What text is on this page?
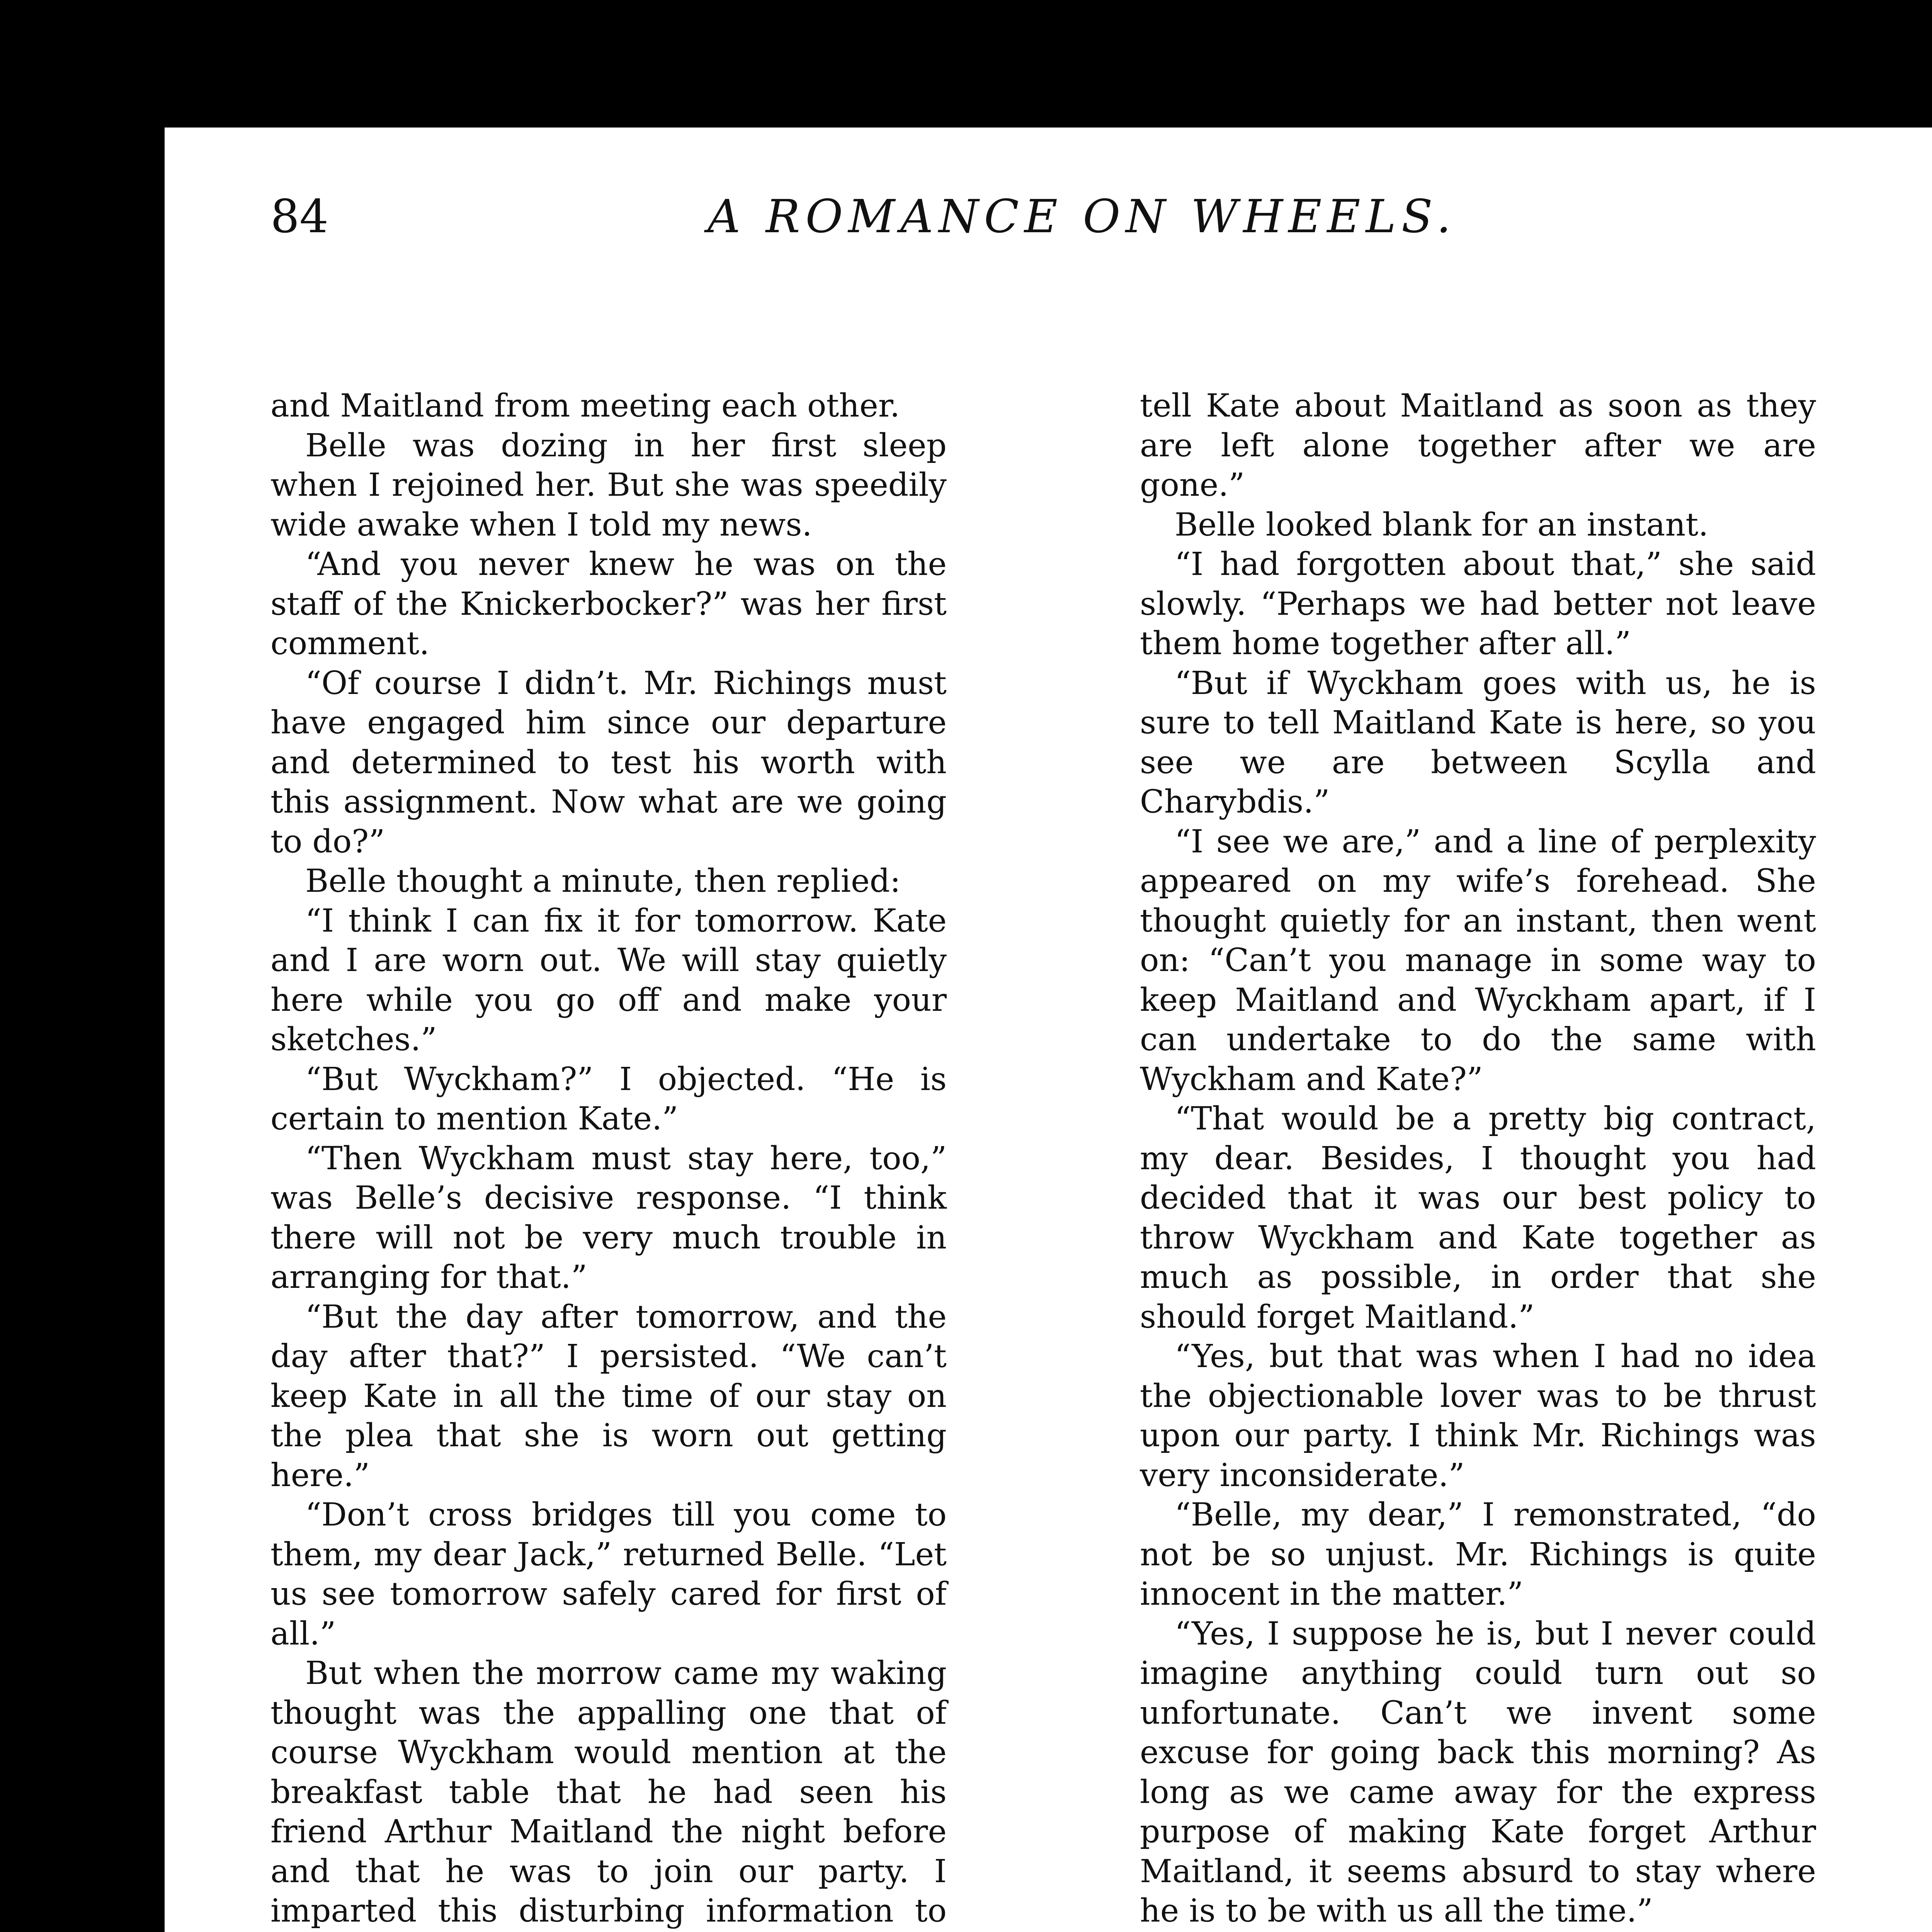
84	A ROMANCE ON WHEELS.

and Maitland from meeting each other.

Belle was dozing in her first sleep when I rejoined her. But she was speedily wide awake when I told my news.

“And you never knew he was on the staff of the Knickerbocker?” was her first comment.

“Of course I didn’t. Mr. Richings must have engaged him since our departure and determined to test his worth with this assignment. Now what are we going to do?”

Belle thought a minute, then replied:

“I think I can fix it for tomorrow. Kate and I are worn out. We will stay quietly here while you go off and make your sketches.”

“But Wyckham?” I objected. “He is certain to mention Kate.”

“Then Wyckham must stay here, too,” was Belle’s decisive response. “I think there will not be very much trouble in arranging for that.”

“But the day after tomorrow, and the day after that?” I persisted. “We can’t keep Kate in all the time of our stay on the plea that she is worn out getting here.”

“Don’t cross bridges till you come to them, my dear Jack,” returned Belle. “Let us see tomorrow safely cared for first of all.”

But when the morrow came my waking thought was the appalling one that of course Wyckham would mention at the breakfast table that he had seen his friend Arthur Maitland the night before and that he was to join our party. I imparted this disturbing information to

tell Kate about Maitland as soon as they are left alone together after we are gone.”

Belle looked blank for an instant.

“I had forgotten about that,” she said slowly. “Perhaps we had better not leave them home together after all.”

“But if Wyckham goes with us, he is sure to tell Maitland Kate is here, so you see we are between Scylla and Charybdis.”

“I see we are,” and a line of perplexity appeared on my wife’s forehead. She thought quietly for an instant, then went on: “Can’t you manage in some way to keep Maitland and Wyckham apart, if I can undertake to do the same with Wyckham and Kate?”

“That would be a pretty big contract, my dear. Besides, I thought you had decided that it was our best policy to throw Wyckham and Kate together as much as possible, in order that she should forget Maitland.”

“Yes, but that was when I had no idea the objectionable lover was to be thrust upon our party. I think Mr. Richings was very inconsiderate.”

“Belle, my dear,” I remonstrated, “do not be so unjust. Mr. Richings is quite innocent in the matter.”

“Yes, I suppose he is, but I never could imagine anything could turn out so unfortunate. Can’t we invent some excuse for going back this morning? As long as we came away for the express purpose of making Kate forget Arthur Maitland, it seems absurd to stay where he is to be with us all the time.”
